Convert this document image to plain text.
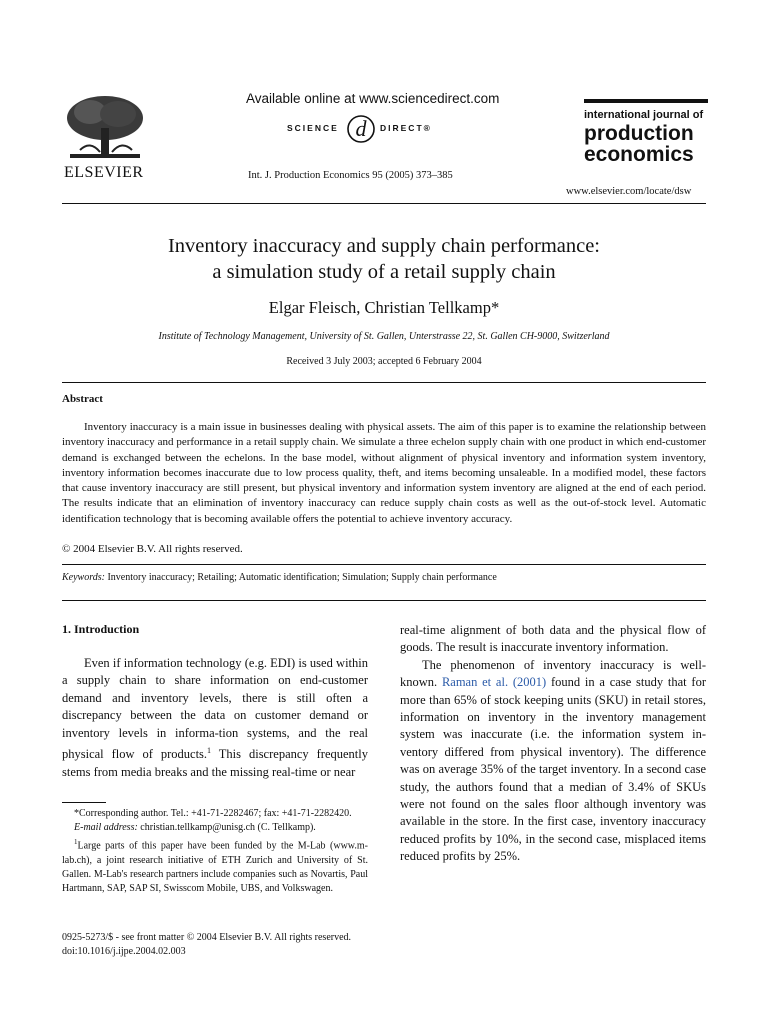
ELSEVIER
Available online at www.sciencedirect.com
SCIENCE d DIRECT®
Int. J. Production Economics 95 (2005) 373–385
international journal of
production
economics
www.elsevier.com/locate/dsw
Inventory inaccuracy and supply chain performance:
a simulation study of a retail supply chain
Elgar Fleisch, Christian Tellkamp*
Institute of Technology Management, University of St. Gallen, Unterstrasse 22, St. Gallen CH-9000, Switzerland
Received 3 July 2003; accepted 6 February 2004
Abstract
Inventory inaccuracy is a main issue in businesses dealing with physical assets. The aim of this paper is to examine the relationship between inventory inaccuracy and performance in a retail supply chain. We simulate a three echelon supply chain with one product in which end-customer demand is exchanged between the echelons. In the base model, without alignment of physical inventory and information system inventory, inventory information becomes inaccurate due to low process quality, theft, and items becoming unsaleable. In a modified model, these factors that cause inventory inaccuracy are still present, but physical inventory and information system inventory are aligned at the end of each period. The results indicate that an elimination of inventory inaccuracy can reduce supply chain costs as well as the out-of-stock level. Automatic identification technology that is becoming available offers the potential to achieve inventory accuracy.
© 2004 Elsevier B.V. All rights reserved.
Keywords: Inventory inaccuracy; Retailing; Automatic identification; Simulation; Supply chain performance
1. Introduction
Even if information technology (e.g. EDI) is used within a supply chain to share information on end-customer demand and inventory levels, there is still often a discrepancy between the data on customer demand or inventory levels in informa-tion systems, and the real physical flow of products.$^1$ This discrepancy frequently stems from media breaks and the missing real-time or near
*Corresponding author. Tel.: +41-71-2282467; fax: +41-71-2282420.
E-mail address: christian.tellkamp@unisg.ch (C. Tellkamp).
$^1$Large parts of this paper have been funded by the M-Lab (www.m-lab.ch), a joint research initiative of ETH Zurich and University of St. Gallen. M-Lab's research partners include companies such as Novartis, Paul Hartmann, SAP, SAP SI, Swisscom Mobile, UBS, and Volkswagen.
real-time alignment of both data and the physical flow of goods. The result is inaccurate inventory information.
The phenomenon of inventory inaccuracy is well-known. Raman et al. (2001) found in a case study that for more than 65% of stock keeping units (SKU) in retail stores, information on inventory in the inventory management system was inaccurate (i.e. the information system in-ventory differed from physical inventory). The difference was on average 35% of the target inventory. In a second case study, the authors found that a median of 3.4% of SKUs were not found on the sales floor although inventory was available in the store. In the first case, inventory inaccuracy reduced profits by 10%, in the second case, misplaced items reduced profits by 25%.
0925-5273/$ - see front matter © 2004 Elsevier B.V. All rights reserved.
doi:10.1016/j.ijpe.2004.02.003
